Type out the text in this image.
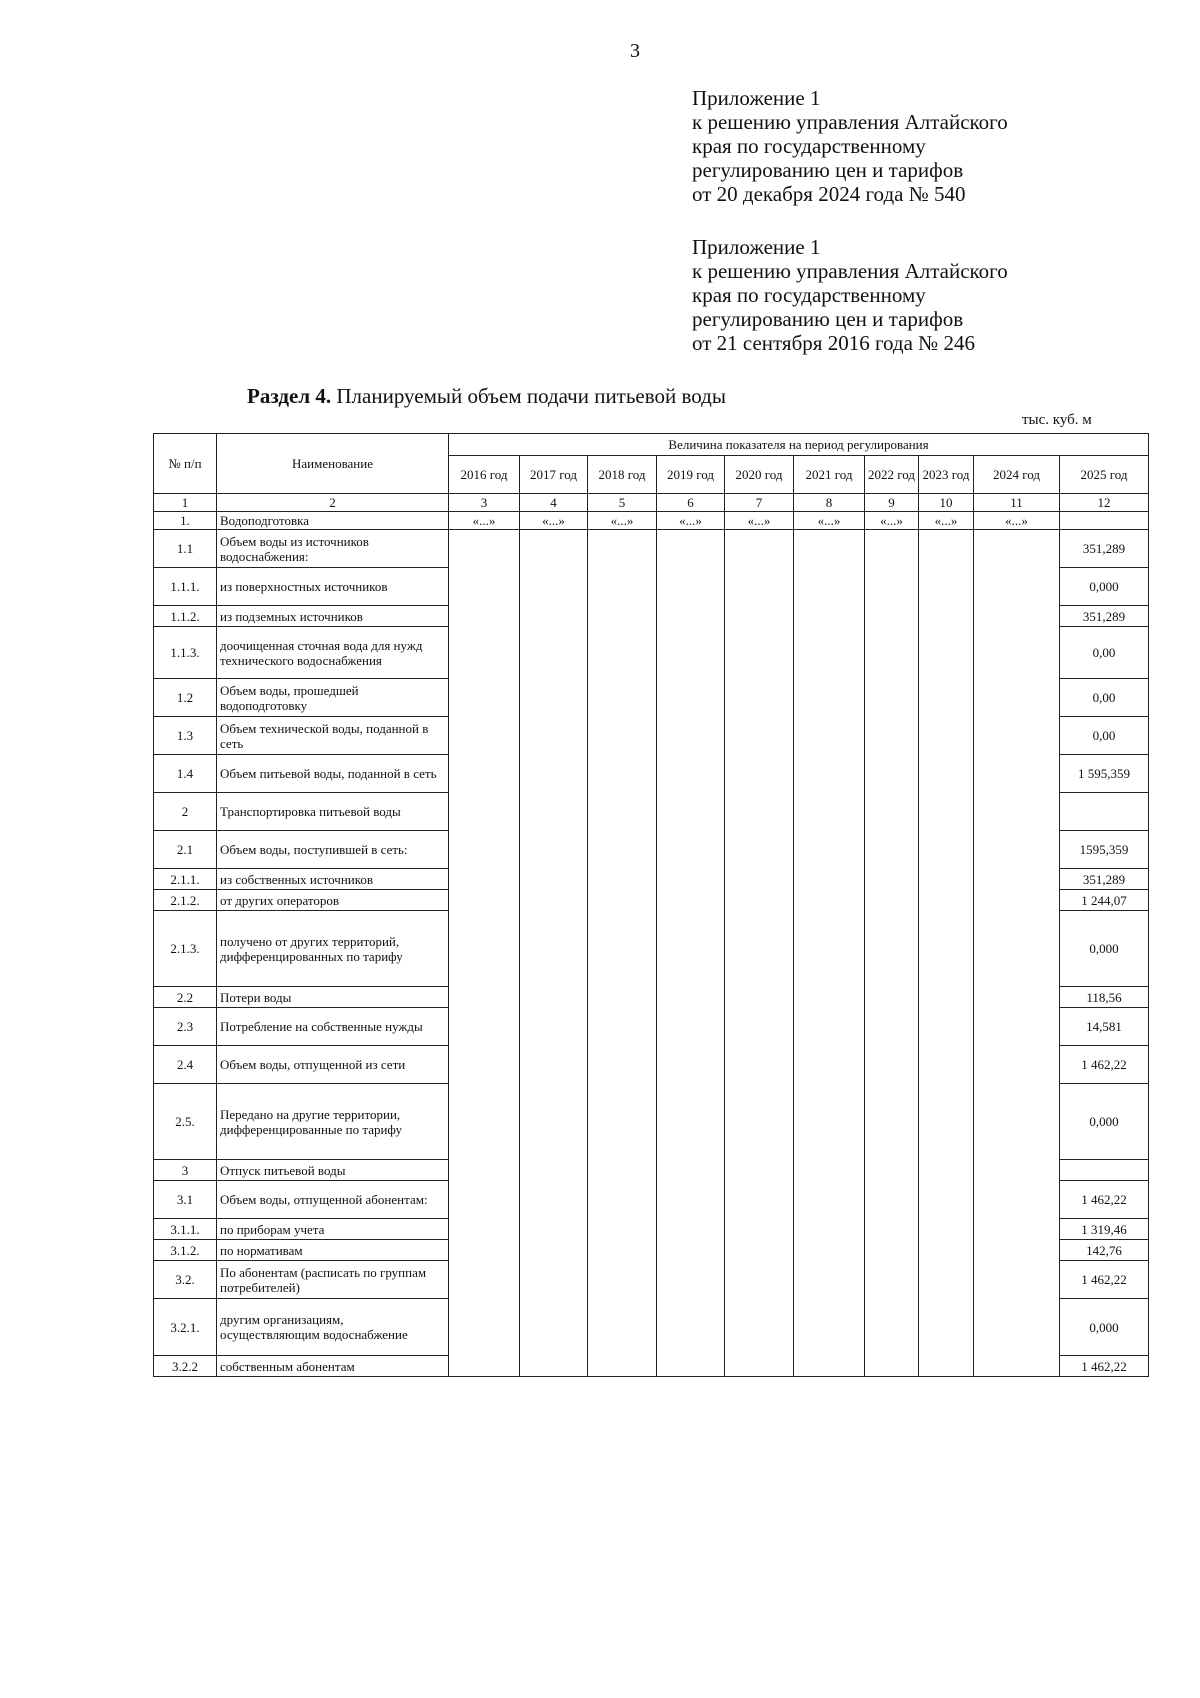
3
Приложение 1
к решению управления Алтайского
края по государственному
регулированию цен и тарифов
от 20 декабря 2024 года № 540
Приложение 1
к решению управления Алтайского
края по государственному
регулированию цен и тарифов
от 21 сентября 2016 года № 246
Раздел 4. Планируемый объем подачи питьевой воды
тыс. куб. м
№ п/п	Наименование	Величина показателя на период регулирования									
		2016 год	2017 год	2018 год	2019 год	2020 год	2021 год	2022 год	2023 год	2024 год	2025 год
1	2	3	4	5	6	7	8	9	10	11	12
1.	Водоподготовка	«...»	«...»	«...»	«...»	«...»	«...»	«...»	«...»	«...»	
1.1	Объем воды из источников водоснабжения:										351,289
1.1.1.	из поверхностных источников										0,000
1.1.2.	из подземных источников										351,289
1.1.3.	доочищенная сточная вода для нужд технического водоснабжения										0,00
1.2	Объем воды, прошедшей водоподготовку										0,00
1.3	Объем технической воды, поданной в сеть										0,00
1.4	Объем питьевой воды, поданной в сеть										1 595,359
2	Транспортировка питьевой воды										
2.1	Объем воды, поступившей в сеть:										1595,359
2.1.1.	из собственных источников										351,289
2.1.2.	от других операторов										1 244,07
2.1.3.	получено от других территорий, дифференцированных по тарифу										0,000
2.2	Потери воды										118,56
2.3	Потребление на собственные нужды										14,581
2.4	Объем воды, отпущенной из сети										1 462,22
2.5.	Передано на другие территории, дифференцированные по тарифу										0,000
3	Отпуск питьевой воды										
3.1	Объем воды, отпущенной абонентам:										1 462,22
3.1.1.	по приборам учета										1 319,46
3.1.2.	по нормативам										142,76
3.2.	По абонентам (расписать по группам потребителей)										1 462,22
3.2.1.	другим организациям, осуществляющим водоснабжение										0,000
3.2.2	собственным абонентам										1 462,22
